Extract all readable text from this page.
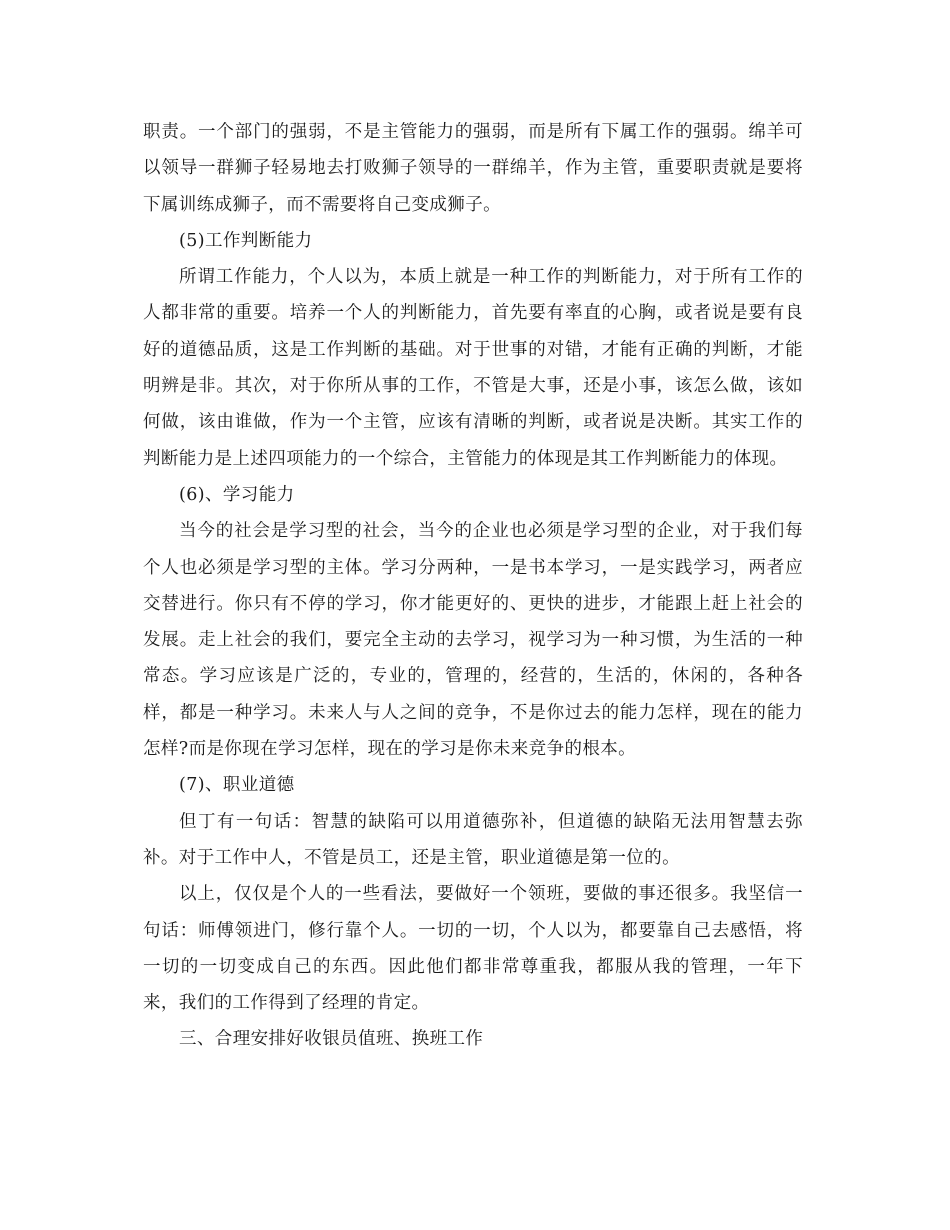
职责。一个部门的强弱，不是主管能力的强弱，而是所有下属工作的强弱。绵羊可以领导一群狮子轻易地去打败狮子领导的一群绵羊，作为主管，重要职责就是要将下属训练成狮子，而不需要将自己变成狮子。

(5)工作判断能力

所谓工作能力，个人以为，本质上就是一种工作的判断能力，对于所有工作的人都非常的重要。培养一个人的判断能力，首先要有率直的心胸，或者说是要有良好的道德品质，这是工作判断的基础。对于世事的对错，才能有正确的判断，才能明辨是非。其次，对于你所从事的工作，不管是大事，还是小事，该怎么做，该如何做，该由谁做，作为一个主管，应该有清晰的判断，或者说是决断。其实工作的判断能力是上述四项能力的一个综合，主管能力的体现是其工作判断能力的体现。

(6)、学习能力

当今的社会是学习型的社会，当今的企业也必须是学习型的企业，对于我们每个人也必须是学习型的主体。学习分两种，一是书本学习，一是实践学习，两者应交替进行。你只有不停的学习，你才能更好的、更快的进步，才能跟上赶上社会的发展。走上社会的我们，要完全主动的去学习，视学习为一种习惯，为生活的一种常态。学习应该是广泛的，专业的，管理的，经营的，生活的，休闲的，各种各样，都是一种学习。未来人与人之间的竞争，不是你过去的能力怎样，现在的能力怎样?而是你现在学习怎样，现在的学习是你未来竞争的根本。

(7)、职业道德

但丁有一句话：智慧的缺陷可以用道德弥补，但道德的缺陷无法用智慧去弥补。对于工作中人，不管是员工，还是主管，职业道德是第一位的。

以上，仅仅是个人的一些看法，要做好一个领班，要做的事还很多。我坚信一句话：师傅领进门，修行靠个人。一切的一切，个人以为，都要靠自己去感悟，将一切的一切变成自己的东西。因此他们都非常尊重我，都服从我的管理，一年下来，我们的工作得到了经理的肯定。

三、合理安排好收银员值班、换班工作
